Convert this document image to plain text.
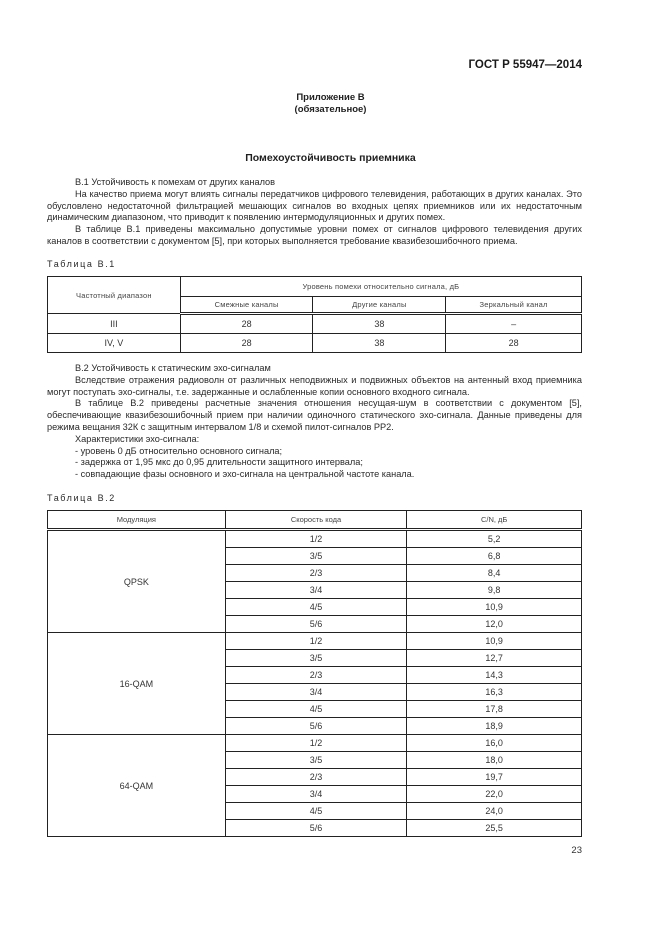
ГОСТ Р 55947—2014
Приложение В
(обязательное)
Помехоустойчивость приемника

В.1 Устойчивость к помехам от других каналов

На качество приема могут влиять сигналы передатчиков цифрового телевидения, работающих в других каналах. Это обусловлено недостаточной фильтрацией мешающих сигналов во входных цепях приемников или их недостаточным динамическим диапазоном, что приводит к появлению интермодуляционных и других помех.

В таблице В.1 приведены максимально допустимые уровни помех от сигналов цифрового телевидения других каналов в соответствии с документом [5], при которых выполняется требование квазибезошибочного приема.

Таблица В.1
Частотный диапазон	Уровень помехи относительно сигнала, дБ		
	Смежные каналы	Другие каналы	Зеркальный канал
III	28	38	–
IV, V	28	38	28

В.2 Устойчивость к статическим эхо-сигналам

Вследствие отражения радиоволн от различных неподвижных и подвижных объектов на антенный вход приемника могут поступать эхо-сигналы, т.е. задержанные и ослабленные копии основного входного сигнала.

В таблице В.2 приведены расчетные значения отношения несущая-шум в соответствии с документом [5], обеспечивающие квазибезошибочный прием при наличии одиночного статического эхо-сигнала. Данные приведены для режима вещания 32К с защитным интервалом 1/8 и схемой пилот-сигналов РР2.

Характеристики эхо-сигнала:

- уровень 0 дБ относительно основного сигнала;

- задержка от 1,95 мкс до 0,95 длительности защитного интервала;

- совпадающие фазы основного и эхо-сигнала на центральной частоте канала.

Таблица В.2
Модуляция	Скорость кода	C/N, дБ
QPSK	1/2	5,2
	3/5	6,8
	2/3	8,4
	3/4	9,8
	4/5	10,9
	5/6	12,0
16-QAM	1/2	10,9
	3/5	12,7
	2/3	14,3
	3/4	16,3
	4/5	17,8
	5/6	18,9
64-QAM	1/2	16,0
	3/5	18,0
	2/3	19,7
	3/4	22,0
	4/5	24,0
	5/6	25,5
23
